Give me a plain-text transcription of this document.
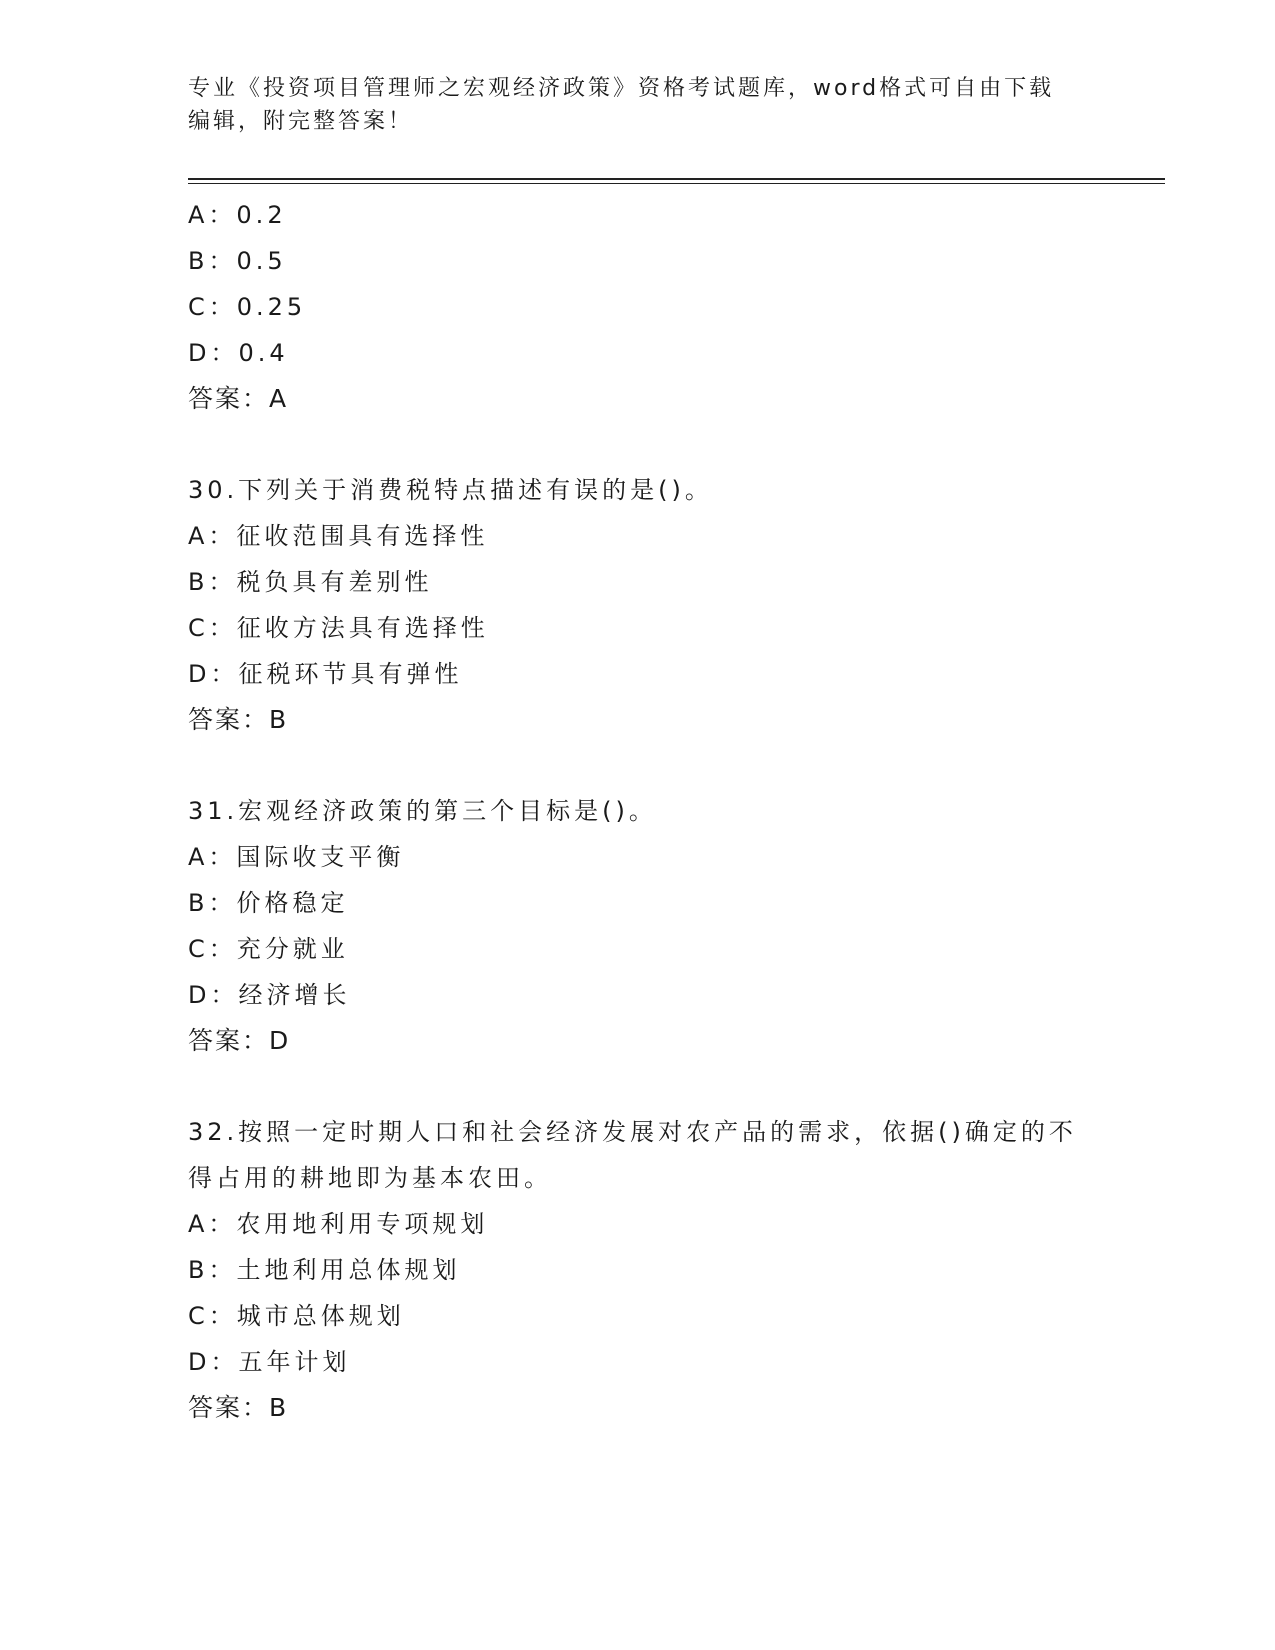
专业《投资项目管理师之宏观经济政策》资格考试题库，word格式可自由下载编辑，附完整答案！
A：0.2
B：0.5
C：0.25
D：0.4
答案：A
30.下列关于消费税特点描述有误的是()。
A：征收范围具有选择性
B：税负具有差别性
C：征收方法具有选择性
D：征税环节具有弹性
答案：B
31.宏观经济政策的第三个目标是()。
A：国际收支平衡
B：价格稳定
C：充分就业
D：经济增长
答案：D
32.按照一定时期人口和社会经济发展对农产品的需求，依据()确定的不得占用的耕地即为基本农田。
A：农用地利用专项规划
B：土地利用总体规划
C：城市总体规划
D：五年计划
答案：B
